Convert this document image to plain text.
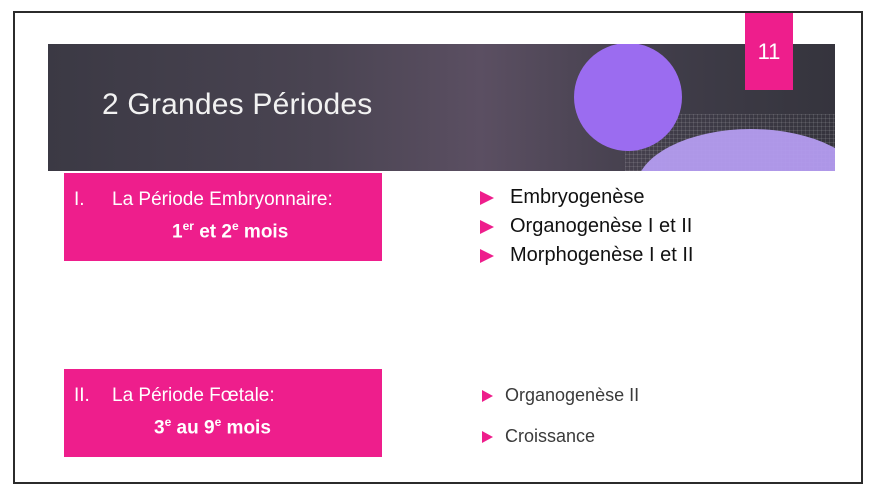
2 Grandes Périodes
11
I. La Période Embryonnaire:
1er et 2e mois
II. La Période Fœtale:
3e au 9e mois
Embryogenèse
Organogenèse I et II
Morphogenèse I et II
Organogenèse II
Croissance
